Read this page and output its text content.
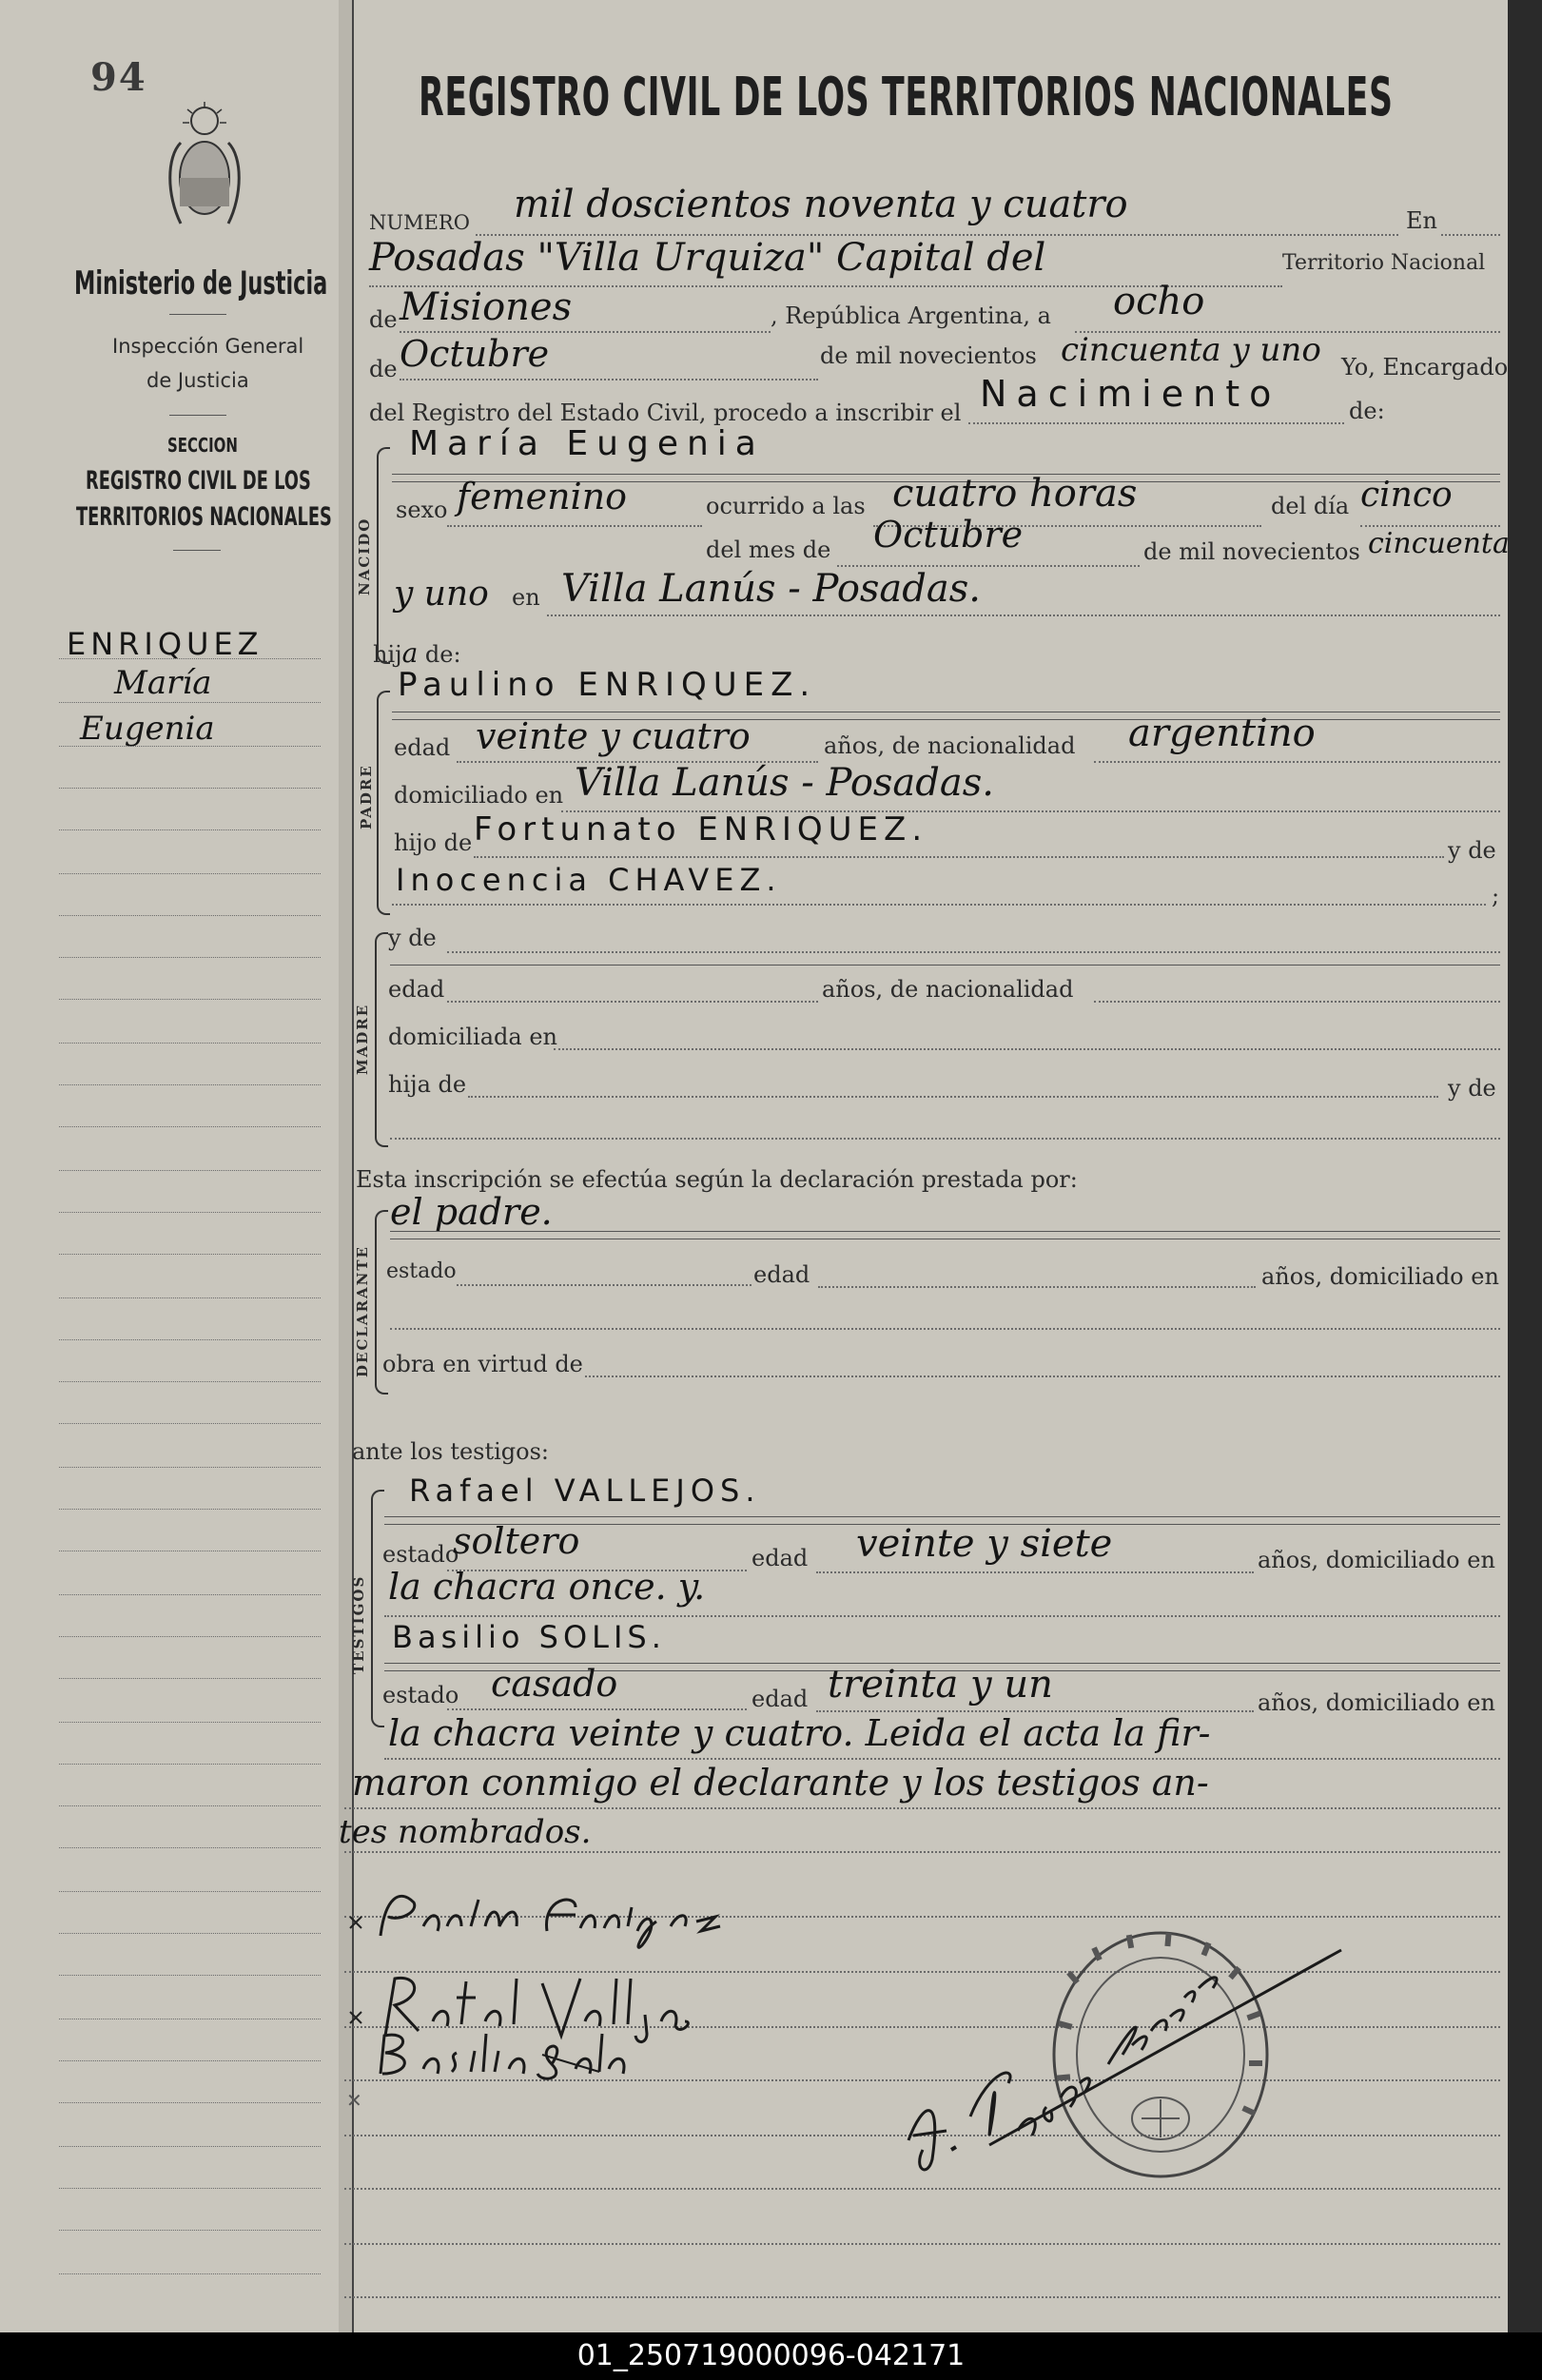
94
Ministerio de Justicia
Inspección General
de Justicia
SECCION
REGISTRO CIVIL DE LOS
TERRITORIOS NACIONALES
ENRIQUEZ
María
Eugenia
REGISTRO CIVIL DE LOS TERRITORIOS NACIONALES
NUMERO mil doscientos noventa y cuatro	En
Posadas "Villa Urquiza" Capital del	Territorio Nacional
de Misiones	, República Argentina, a ocho
de Octubre	de mil novecientos cincuenta y uno Yo, Encargado
del Registro del Estado Civil, procedo a inscribir el Nacimiento	de:
NACIDO
María Eugenia
sexo femenino	ocurrido a las cuatro horas	del día cinco
del mes de Octubre	de mil novecientos cincuenta
y uno en Villa Lanús - Posadas.
hija de:
PADRE
Paulino ENRIQUEZ.
edad veinte y cuatro	años, de nacionalidad argentino
domiciliado en Villa Lanús - Posadas.
hijo de Fortunato ENRIQUEZ.
y de
Inocencia CHAVEZ.	;
MADRE
y de
edad	años, de nacionalidad
domiciliada en
hija de	y de
Esta inscripción se efectúa según la declaración prestada por:
DECLARANTE
el padre.
estado	edad	años, domiciliado en
obra en virtud de
ante los testigos:
TESTIGOS
Rafael VALLEJOS.
estado
soltero	edad veinte y siete	años, domiciliado en
la chacra once. y.
Basilio SOLIS.
estado casado	edad treinta y un	años, domiciliado en
la chacra veinte y cuatro. Leida el acta la fir-
maron conmigo el declarante y los testigos an-
tes nombrados.
✕
01_250719000096-042171
